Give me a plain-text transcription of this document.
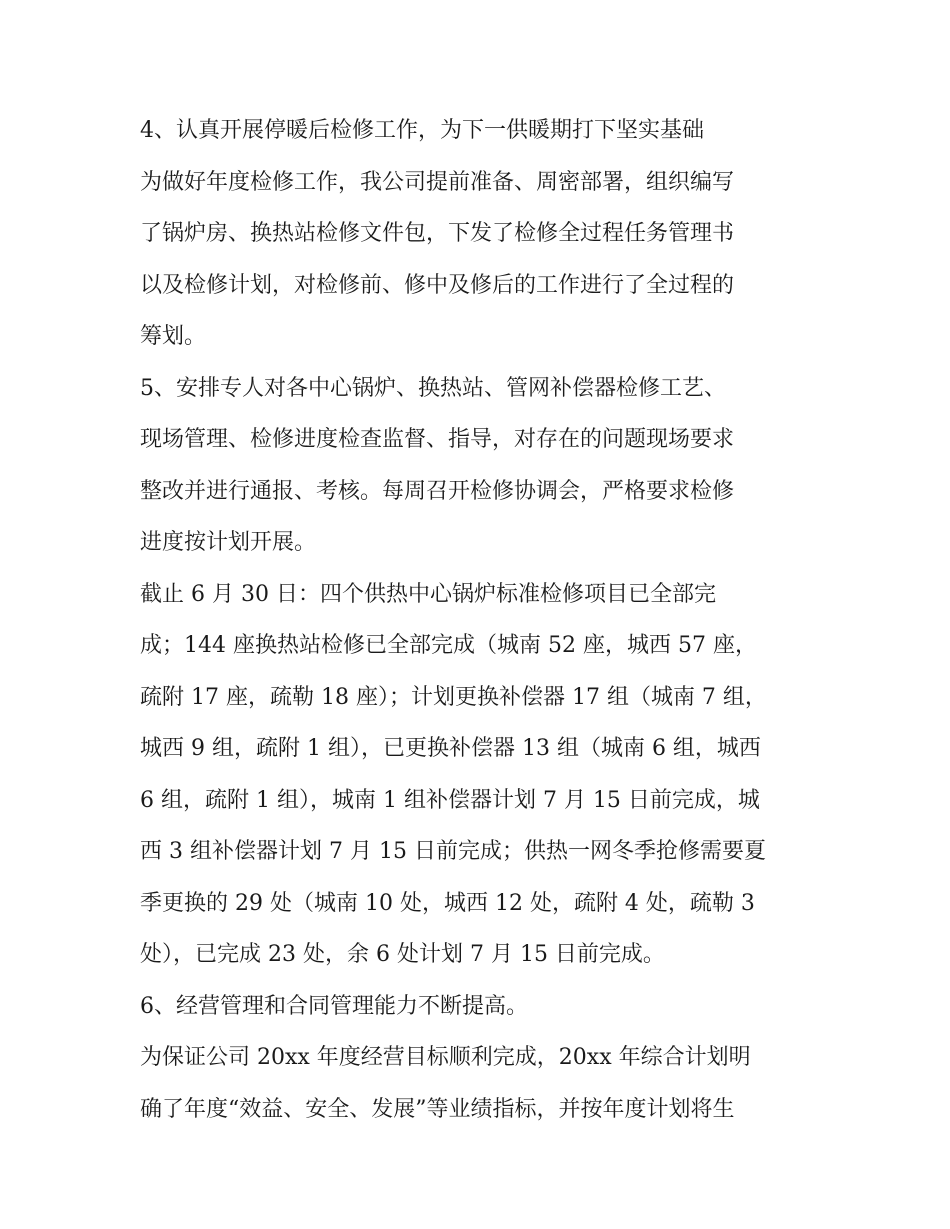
4、认真开展停暖后检修工作，为下一供暖期打下坚实基础
为做好年度检修工作，我公司提前准备、周密部署，组织编写
了锅炉房、换热站检修文件包，下发了检修全过程任务管理书
以及检修计划，对检修前、修中及修后的工作进行了全过程的
筹划。
5、安排专人对各中心锅炉、换热站、管网补偿器检修工艺、
现场管理、检修进度检查监督、指导，对存在的问题现场要求
整改并进行通报、考核。每周召开检修协调会，严格要求检修
进度按计划开展。
截止 6 月 30 日：四个供热中心锅炉标准检修项目已全部完
成；144 座换热站检修已全部完成（城南 52 座，城西 57 座，
疏附 17 座，疏勒 18 座）；计划更换补偿器 17 组（城南 7 组，
城西 9 组，疏附 1 组），已更换补偿器 13 组（城南 6 组，城西
6 组，疏附 1 组），城南 1 组补偿器计划 7 月 15 日前完成，城
西 3 组补偿器计划 7 月 15 日前完成；供热一网冬季抢修需要夏
季更换的 29 处（城南 10 处，城西 12 处，疏附 4 处，疏勒 3
处），已完成 23 处，余 6 处计划 7 月 15 日前完成。
6、经营管理和合同管理能力不断提高。
为保证公司 20xx 年度经营目标顺利完成，20xx 年综合计划明
确了年度“效益、安全、发展”等业绩指标，并按年度计划将生
